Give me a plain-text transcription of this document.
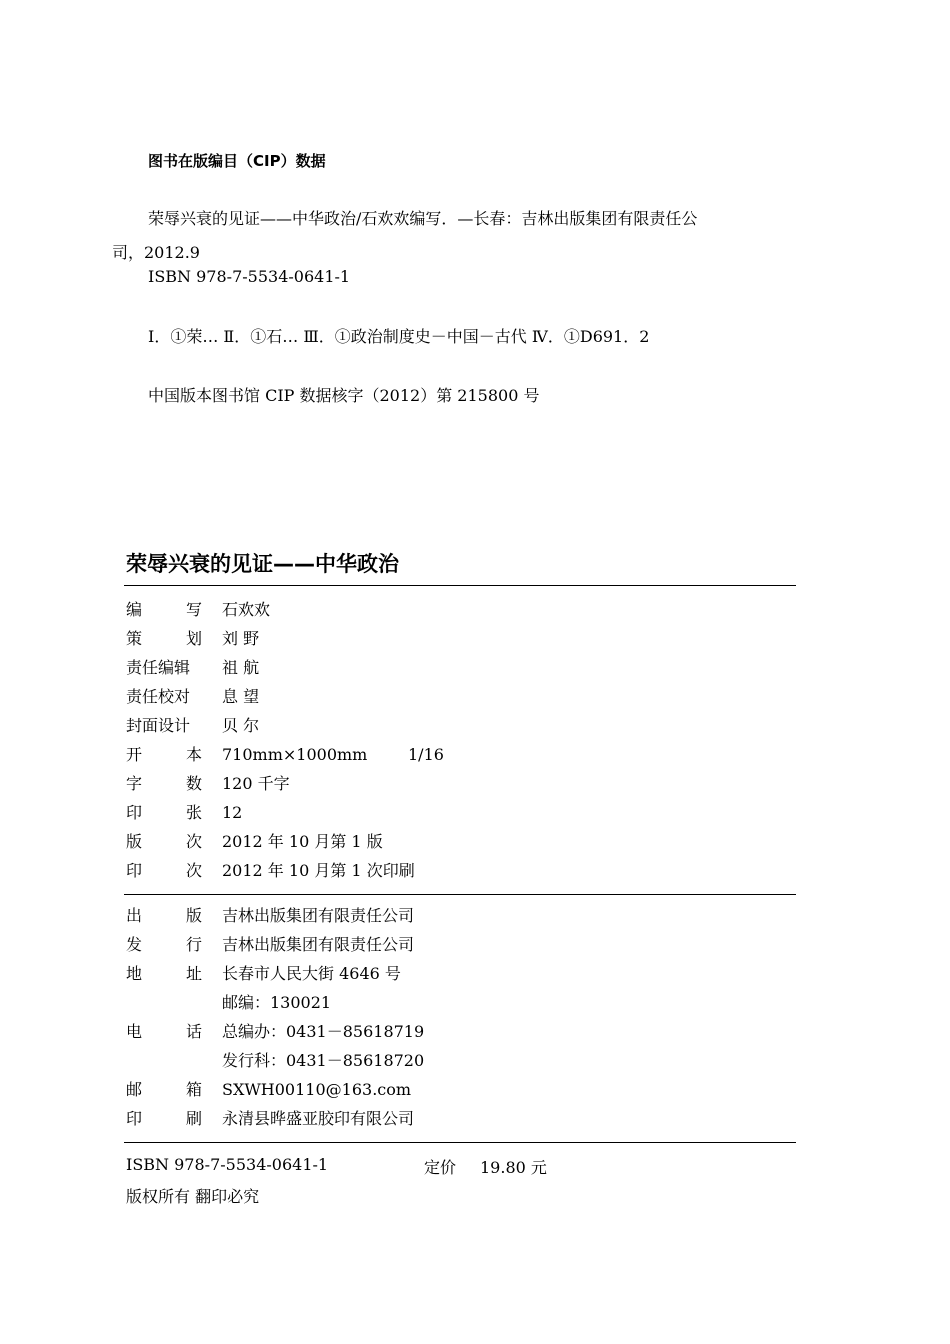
图书在版编目（CIP）数据
荣辱兴衰的见证——中华政治/石欢欢编写．—长春：吉林出版集团有限责任公
司，2012.9
ISBN 978-7-5534-0641-1
Ⅰ．①荣… Ⅱ．①石… Ⅲ．①政治制度史－中国－古代 Ⅳ．①D691．2
中国版本图书馆 CIP 数据核字（2012）第 215800 号
荣辱兴衰的见证——中华政治
编	写 石欢欢
策	划 刘 野
责任编辑 祖 航
责任校对 息 望
封面设计 贝 尔
开	本 710mm×1000mm	1/16
字	数 120 千字
印	张 12
版	次 2012 年 10 月第 1 版
印	次 2012 年 10 月第 1 次印刷
出	版 吉林出版集团有限责任公司
发	行 吉林出版集团有限责任公司
地	址 长春市人民大街 4646 号
邮编：130021
电	话 总编办：0431－85618719
发行科：0431－85618720
邮	箱 SXWH00110@163.com
印	刷 永清县晔盛亚胶印有限公司
ISBN 978-7-5534-0641-1	定价 19.80 元
版权所有 翻印必究
